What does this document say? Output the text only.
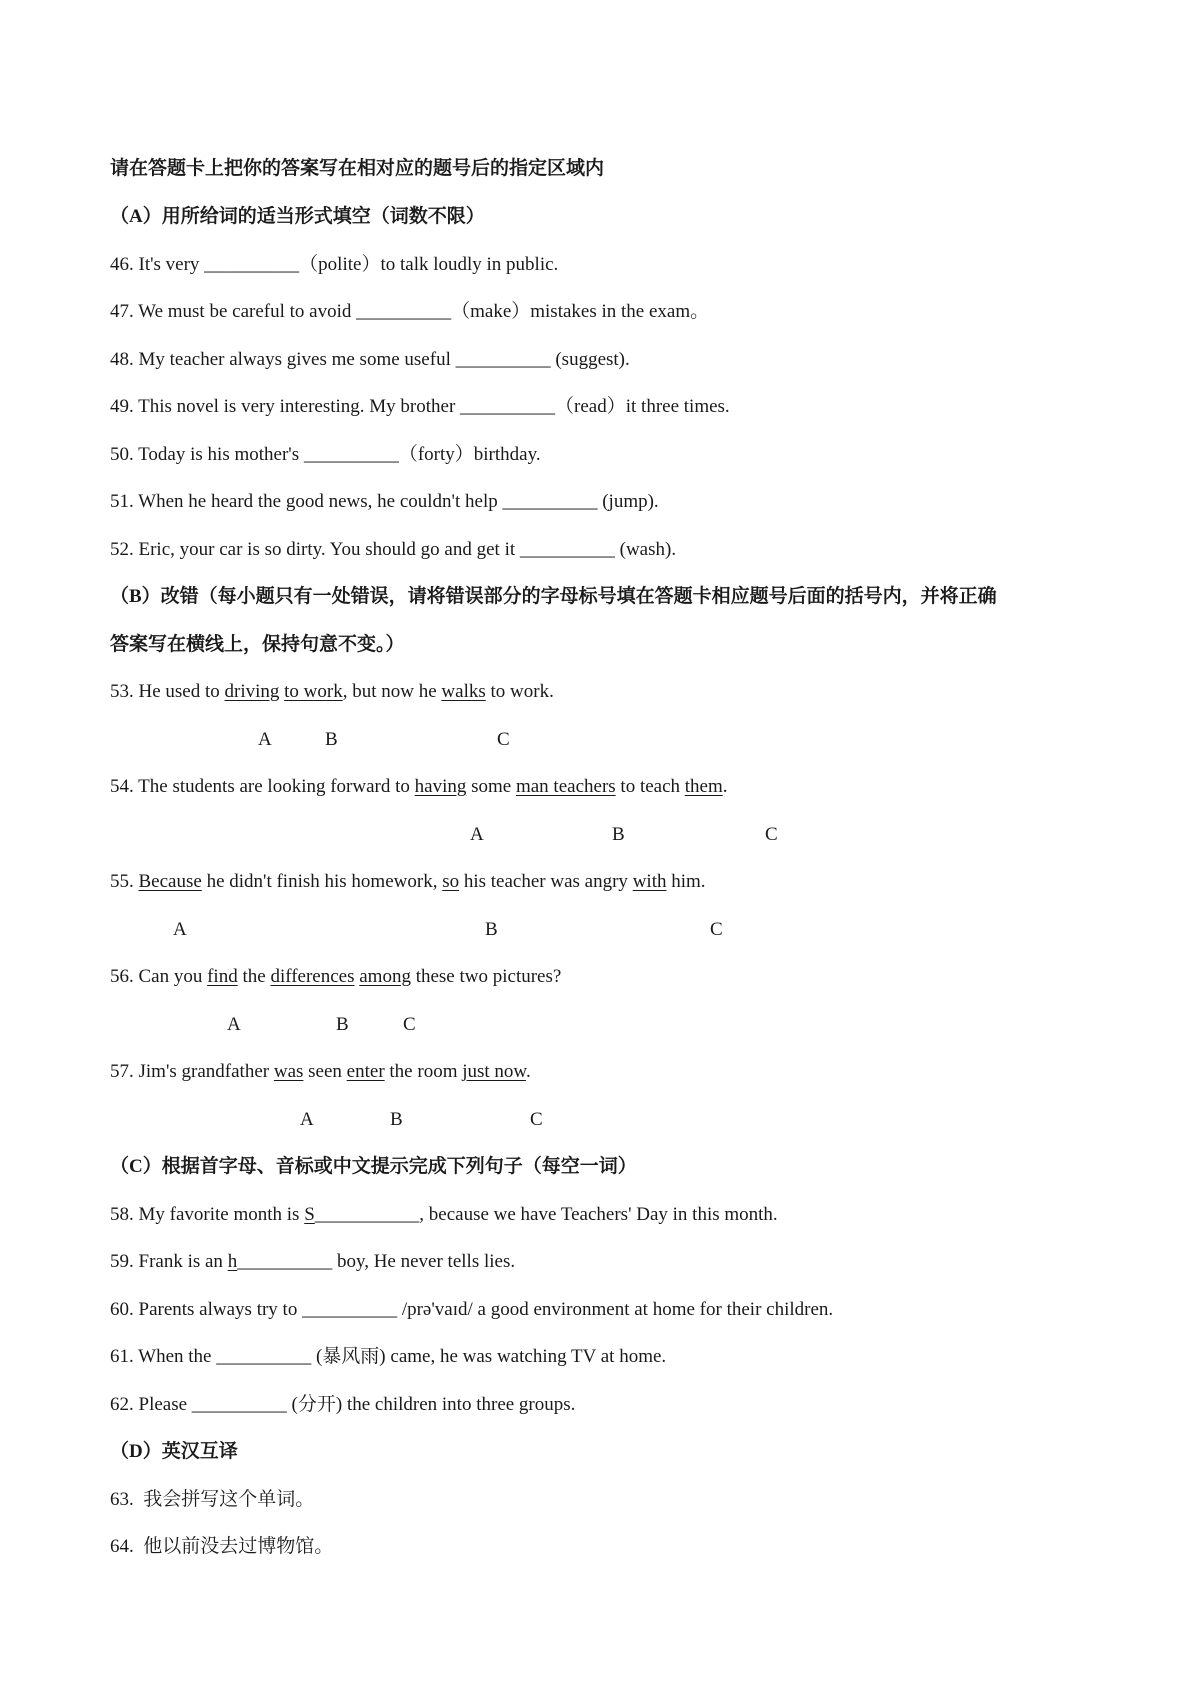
请在答题卡上把你的答案写在相对应的题号后的指定区域内
（A）用所给词的适当形式填空（词数不限）
46. It's very __________（polite）to talk loudly in public.
47. We must be careful to avoid __________（make）mistakes in the exam。
48. My teacher always gives me some useful __________ (suggest).
49. This novel is very interesting. My brother __________（read）it three times.
50. Today is his mother's __________（forty）birthday.
51. When he heard the good news, he couldn't help __________ (jump).
52. Eric, your car is so dirty. You should go and get it __________ (wash).
（B）改错（每小题只有一处错误，请将错误部分的字母标号填在答题卡相应题号后面的括号内，并将正确
答案写在横线上，保持句意不变。）
53. He used to driving to work, but now he walks to work.
A	B	C
54. The students are looking forward to having some man teachers to teach them.
A	B	C
55. Because he didn't finish his homework, so his teacher was angry with him.
A	B	C
56. Can you find the differences among these two pictures?
A	B	C
57. Jim's grandfather was seen enter the room just now.
A	B	C
（C）根据首字母、音标或中文提示完成下列句子（每空一词）
58. My favorite month is S___________, because we have Teachers' Day in this month.
59. Frank is an h__________ boy, He never tells lies.
60. Parents always try to __________ /prə'vaɪd/ a good environment at home for their children.
61. When the __________ (暴风雨) came, he was watching TV at home.
62. Please __________ (分开) the children into three groups.
（D）英汉互译
63.  我会拼写这个单词。
64.  他以前没去过博物馆。
